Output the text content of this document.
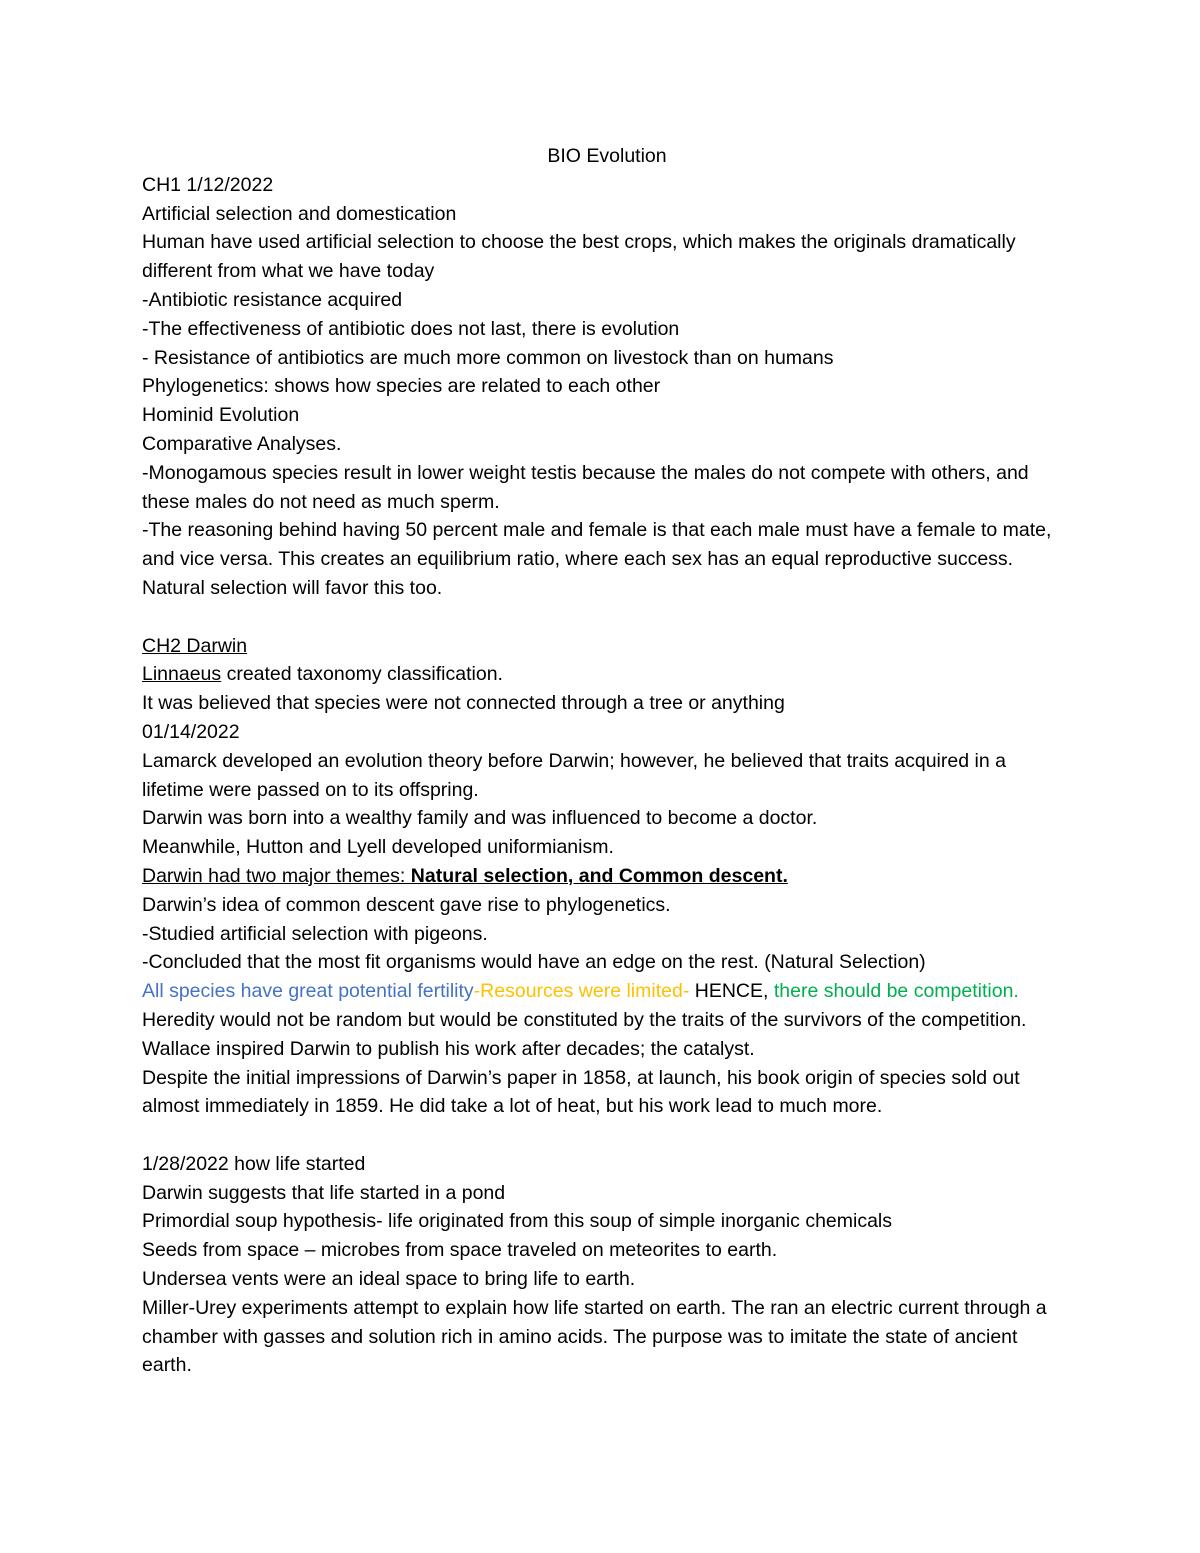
BIO Evolution

CH1 1/12/2022

Artificial selection and domestication

Human have used artificial selection to choose the best crops, which makes the originals dramatically different from what we have today

-Antibiotic resistance acquired

-The effectiveness of antibiotic does not last, there is evolution

- Resistance of antibiotics are much more common on livestock than on humans

Phylogenetics: shows how species are related to each other

Hominid Evolution

Comparative Analyses.

-Monogamous species result in lower weight testis because the males do not compete with others, and these males do not need as much sperm.

-The reasoning behind having 50 percent male and female is that each male must have a female to mate, and vice versa. This creates an equilibrium ratio, where each sex has an equal reproductive success. Natural selection will favor this too.

CH2 Darwin

Linnaeus created taxonomy classification.

It was believed that species were not connected through a tree or anything

01/14/2022

Lamarck developed an evolution theory before Darwin; however, he believed that traits acquired in a lifetime were passed on to its offspring.

Darwin was born into a wealthy family and was influenced to become a doctor.

Meanwhile, Hutton and Lyell developed uniformianism.

Darwin had two major themes: Natural selection, and Common descent.

Darwin’s idea of common descent gave rise to phylogenetics.

-Studied artificial selection with pigeons.

-Concluded that the most fit organisms would have an edge on the rest. (Natural Selection)

All species have great potential fertility-Resources were limited- HENCE, there should be competition. Heredity would not be random but would be constituted by the traits of the survivors of the competition.

Wallace inspired Darwin to publish his work after decades; the catalyst.

Despite the initial impressions of Darwin’s paper in 1858, at launch, his book origin of species sold out almost immediately in 1859. He did take a lot of heat, but his work lead to much more.

1/28/2022 how life started

Darwin suggests that life started in a pond

Primordial soup hypothesis- life originated from this soup of simple inorganic chemicals

Seeds from space – microbes from space traveled on meteorites to earth.

Undersea vents were an ideal space to bring life to earth.

Miller-Urey experiments attempt to explain how life started on earth. The ran an electric current through a chamber with gasses and solution rich in amino acids. The purpose was to imitate the state of ancient earth.
